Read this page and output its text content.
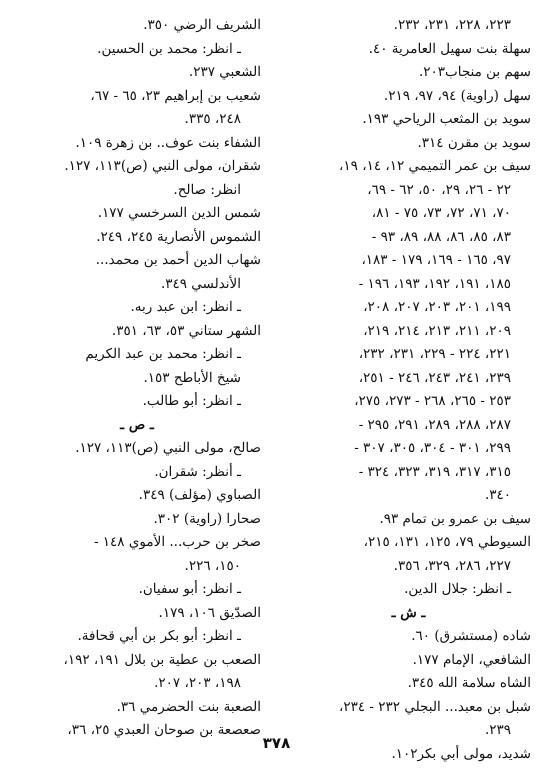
٢٢٣، ٢٢٨، ٢٣١، ٢٣٢.
سهلة بنت سهيل العامرية ٤٠.
سهم بن منجاب٢٠٣.
سهل (راوية) ٩٤، ٩٧، ٢١٩.
سويد بن المثعب الرياحي ١٩٣.
سويد بن مقرن ٣١٤.
سيف بن عمر التميمي ١٢، ١٤، ١٩،
٢٢ - ٢٦، ٢٩، ٥٠، ٦٢ - ٦٩،
٧٠، ٧١، ٧٢، ٧٣، ٧٥ - ٨١،
٨٣، ٨٥، ٨٦، ٨٨، ٨٩، ٩٣ -
٩٧، ١٦٥ - ١٦٩، ١٧٩ - ١٨٣،
١٨٥، ١٩١، ١٩٢، ١٩٣، ١٩٦ -
١٩٩، ٢٠١، ٢٠٣، ٢٠٧، ٢٠٨،
٢٠٩، ٢١١، ٢١٣، ٢١٤، ٢١٩،
٢٢١، ٢٢٤ - ٢٢٩، ٢٣١، ٢٣٢،
٢٣٩، ٢٤١، ٢٤٣، ٢٤٦ - ٢٥١،
٢٥٣ - ٢٦٥، ٢٦٨ - ٢٧٣، ٢٧٥،
٢٨٧، ٢٨٨، ٢٨٩، ٢٩١، ٢٩٥ -
٢٩٩، ٣٠١ - ٣٠٤، ٣٠٥، ٣٠٧ -
٣١٥، ٣١٧، ٣١٩، ٣٢٣، ٣٢٤ -
٣٤٠.
سيف بن عمرو بن تمام ٩٣.
السيوطي ٧٩، ١٢٥، ١٣١، ٢١٥،
٢٢٧، ٢٨٦، ٣٢٩، ٣٥٦.
ـ انظر: جلال الدين.
ـ ش ـ
شاده (مستشرق) ٦٠.
الشافعي، الإمام ١٧٧.
الشاه سلامة الله ٣٤٥.
شبل بن معبد... البجلي ٢٣٢ - ٢٣٤،
٢٣٩.
شديد، مولى أبي بكر١٠٢.
الشريف الرضي ٣٥٠.
ـ انظر: محمد بن الحسين.
الشعبي ٢٣٧.
شعيب بن إبراهيم ٢٣، ٦٥ - ٦٧،
٢٤٨، ٣٣٥.
الشفاء بنت عوف.. بن زهرة ١٠٩.
شقران، مولى النبي (ص)١١٣، ١٢٧.
انظر: صالح.
شمس الدين السرخسي ١٧٧.
الشموس الأنصارية ٢٤٥، ٢٤٩.
شهاب الدين أحمد بن محمد...
الأندلسي ٣٤٩.
ـ انظر: ابن عبد ربه.
الشهر ستاني ٥٣، ٦٣، ٣٥١.
ـ انظر: محمد بن عبد الكريم
شيخ الأباطح ١٥٣.
ـ انظر: أبو طالب.
ـ ص ـ
صالح، مولى النبي (ص)١١٣، ١٢٧.
ـ أنظر: شقران.
الصباوي (مؤلف) ٣٤٩.
صحارا (راوية) ٣٠٢.
صخر بن حرب... الأموي ١٤٨ -
١٥٠، ٢٢٦.
ـ انظر: أبو سفيان.
الصدّيق ١٠٦، ١٧٩.
ـ انظر: أبو بكر بن أبي قحافة.
الصعب بن عطية بن بلال ١٩١، ١٩٢،
١٩٨، ٢٠٣، ٢٠٧.
الصعبة بنت الحضرمي ٣٦.
صعصعة بن صوحان العبدي ٢٥، ٣٦،
٣٧٨
